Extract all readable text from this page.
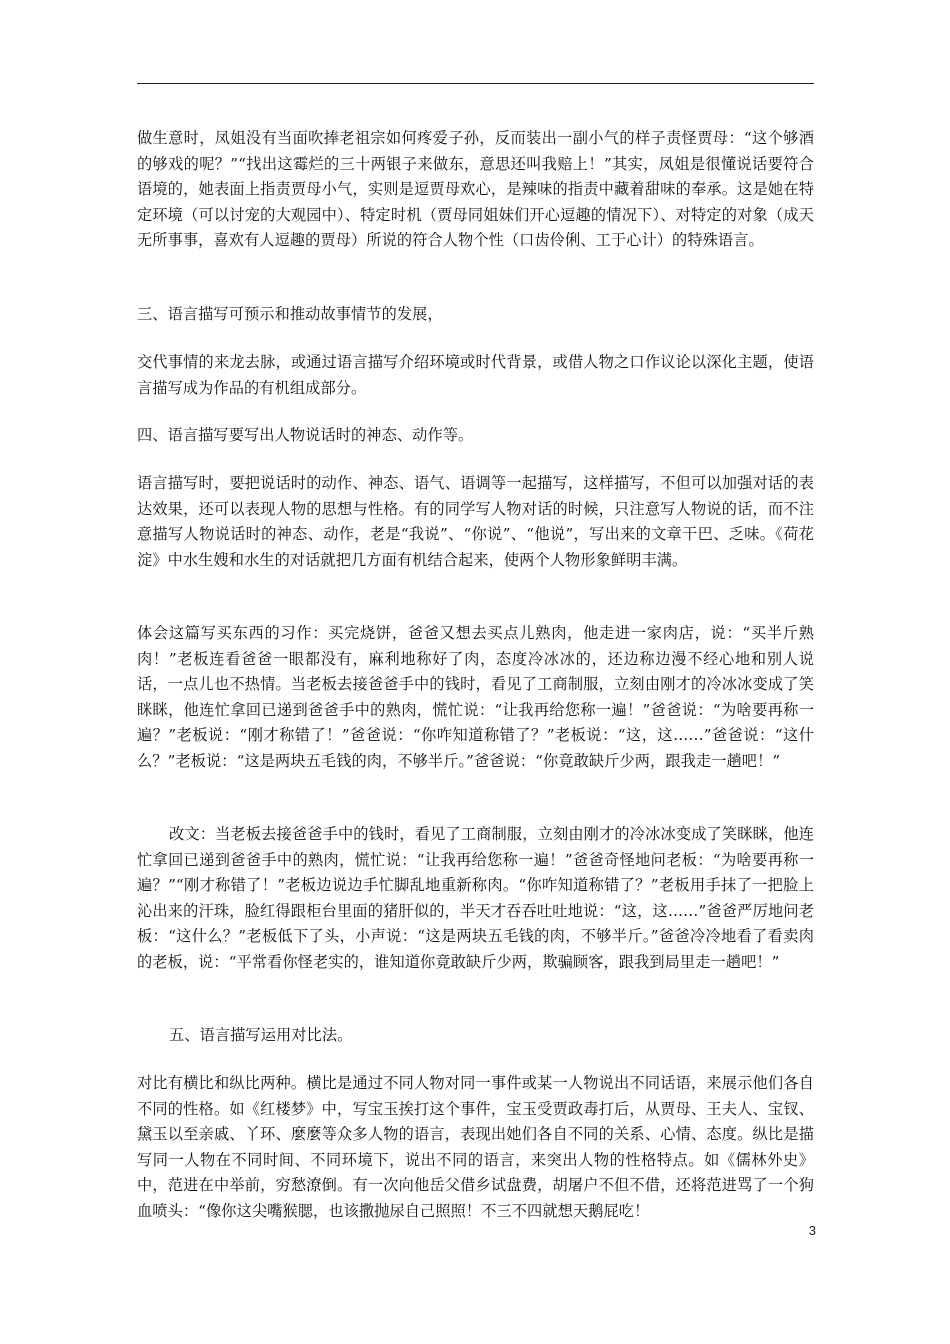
做生意时，凤姐没有当面吹捧老祖宗如何疼爱子孙，反而装出一副小气的样子责怪贾母：“这个够酒的够戏的呢？”“找出这霉烂的三十两银子来做东，意思还叫我赔上！”其实，凤姐是很懂说话要符合语境的，她表面上指责贾母小气，实则是逗贾母欢心，是辣味的指责中藏着甜味的奉承。这是她在特定环境（可以讨宠的大观园中）、特定时机（贾母同姐妹们开心逗趣的情况下）、对特定的对象（成天无所事事，喜欢有人逗趣的贾母）所说的符合人物个性（口齿伶俐、工于心计）的特殊语言。

三、语言描写可预示和推动故事情节的发展，

交代事情的来龙去脉，或通过语言描写介绍环境或时代背景，或借人物之口作议论以深化主题，使语言描写成为作品的有机组成部分。

四、语言描写要写出人物说话时的神态、动作等。

语言描写时，要把说话时的动作、神态、语气、语调等一起描写，这样描写，不但可以加强对话的表达效果，还可以表现人物的思想与性格。有的同学写人物对话的时候，只注意写人物说的话，而不注意描写人物说话时的神态、动作，老是“我说”、“你说”、“他说”，写出来的文章干巴、乏味。《荷花淀》中水生嫂和水生的对话就把几方面有机结合起来，使两个人物形象鲜明丰满。

体会这篇写买东西的习作：买完烧饼，爸爸又想去买点儿熟肉，他走进一家肉店，说：“买半斤熟肉！”老板连看爸爸一眼都没有，麻利地称好了肉，态度冷冰冰的，还边称边漫不经心地和别人说话，一点儿也不热情。当老板去接爸爸手中的钱时，看见了工商制服，立刻由刚才的冷冰冰变成了笑眯眯，他连忙拿回已递到爸爸手中的熟肉，慌忙说：“让我再给您称一遍！”爸爸说：“为啥要再称一遍？”老板说：“刚才称错了！”爸爸说：“你咋知道称错了？”老板说：“这，这……”爸爸说：“这什么？”老板说：“这是两块五毛钱的肉，不够半斤。”爸爸说：“你竟敢缺斤少两，跟我走一趟吧！”

改文：当老板去接爸爸手中的钱时，看见了工商制服，立刻由刚才的冷冰冰变成了笑眯眯，他连忙拿回已递到爸爸手中的熟肉，慌忙说：“让我再给您称一遍！”爸爸奇怪地问老板：“为啥要再称一遍？”“刚才称错了！”老板边说边手忙脚乱地重新称肉。“你咋知道称错了？”老板用手抹了一把脸上沁出来的汗珠，脸红得跟柜台里面的猪肝似的，半天才吞吞吐吐地说：“这，这……”爸爸严厉地问老板：“这什么？”老板低下了头，小声说：“这是两块五毛钱的肉，不够半斤。”爸爸冷冷地看了看卖肉的老板，说：“平常看你怪老实的，谁知道你竟敢缺斤少两，欺骗顾客，跟我到局里走一趟吧！”

五、语言描写运用对比法。

对比有横比和纵比两种。横比是通过不同人物对同一事件或某一人物说出不同话语，来展示他们各自不同的性格。如《红楼梦》中，写宝玉挨打这个事件，宝玉受贾政毒打后，从贾母、王夫人、宝钗、黛玉以至亲戚、丫环、麼麼等众多人物的语言，表现出她们各自不同的关系、心情、态度。纵比是描写同一人物在不同时间、不同环境下，说出不同的语言，来突出人物的性格特点。如《儒林外史》中，范进在中举前，穷愁潦倒。有一次向他岳父借乡试盘费，胡屠户不但不借，还将范进骂了一个狗血喷头：“像你这尖嘴猴腮，也该撒抛尿自己照照！不三不四就想天鹅屁吃！

3
